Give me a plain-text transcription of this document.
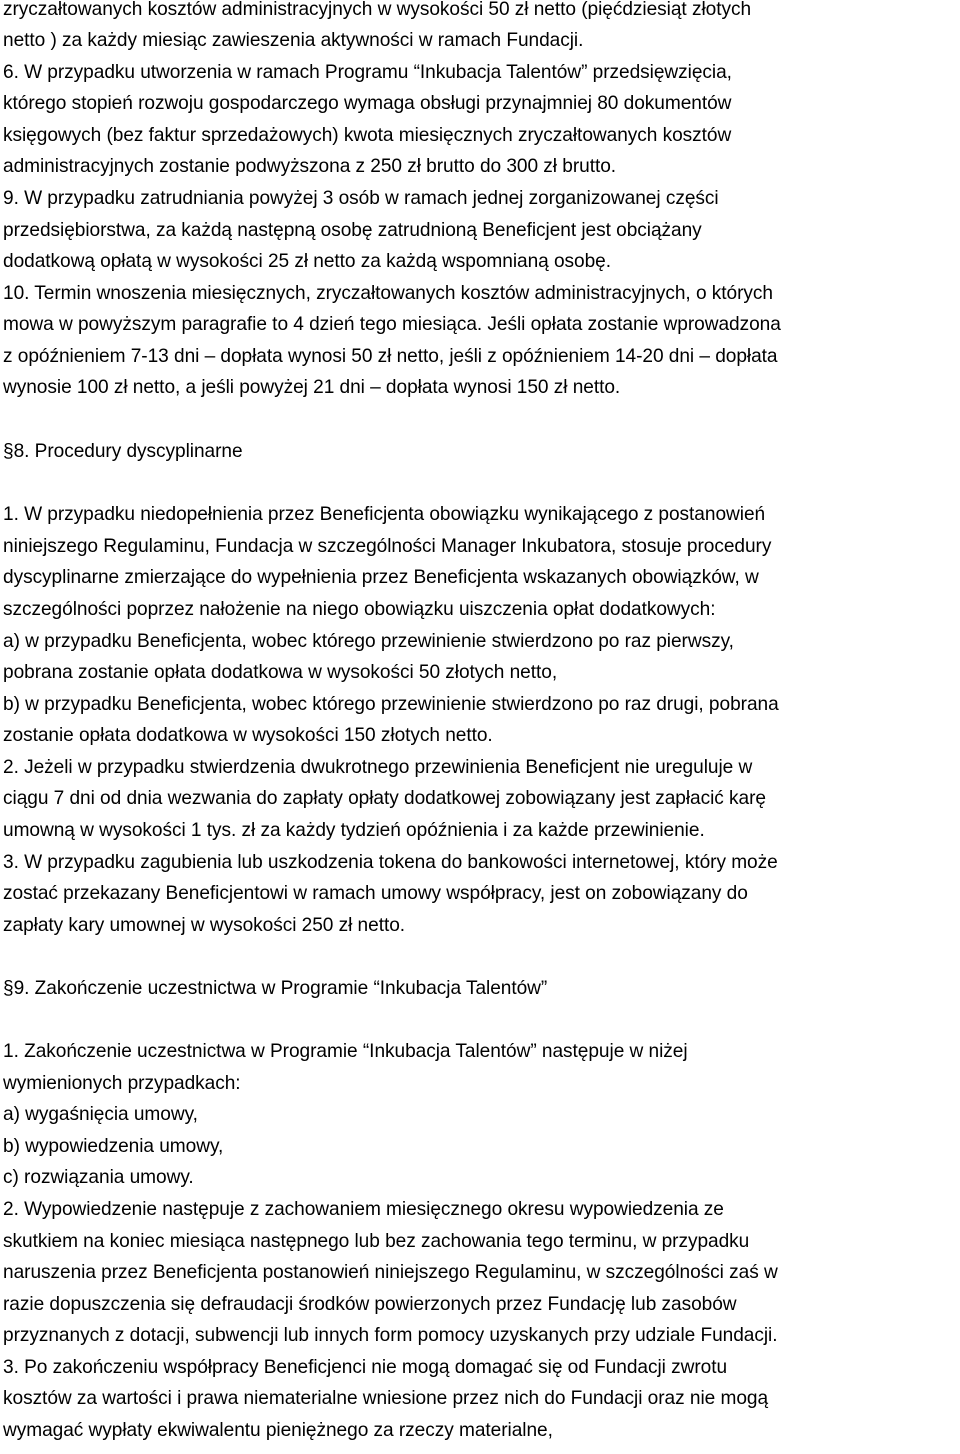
zryczałtowanych kosztów administracyjnych w wysokości 50 zł netto (pięćdziesiąt złotych
netto ) za każdy miesiąc zawieszenia aktywności w ramach Fundacji.
6. W przypadku utworzenia w ramach Programu “Inkubacja Talentów” przedsięwzięcia,
którego stopień rozwoju gospodarczego wymaga obsługi przynajmniej 80 dokumentów
księgowych (bez faktur sprzedażowych) kwota miesięcznych zryczałtowanych kosztów
administracyjnych zostanie podwyższona z 250 zł brutto do 300 zł brutto.
9. W przypadku zatrudniania powyżej 3 osób w ramach jednej zorganizowanej części
przedsiębiorstwa, za każdą następną osobę zatrudnioną Beneficjent jest obciążany
dodatkową opłatą w wysokości 25 zł netto za każdą wspomnianą osobę.
10. Termin wnoszenia miesięcznych, zryczałtowanych kosztów administracyjnych, o których
mowa w powyższym paragrafie to 4 dzień tego miesiąca. Jeśli opłata zostanie wprowadzona
z opóźnieniem 7-13 dni – dopłata wynosi 50 zł netto, jeśli z opóźnieniem 14-20 dni – dopłata
wynosie 100 zł netto, a jeśli powyżej 21 dni – dopłata wynosi 150 zł netto.
§8. Procedury dyscyplinarne
1. W przypadku niedopełnienia przez Beneficjenta obowiązku wynikającego z postanowień
niniejszego Regulaminu, Fundacja w szczególności Manager Inkubatora, stosuje procedury
dyscyplinarne zmierzające do wypełnienia przez Beneficjenta wskazanych obowiązków, w
szczególności poprzez nałożenie na niego obowiązku uiszczenia opłat dodatkowych:
a) w przypadku Beneficjenta, wobec którego przewinienie stwierdzono po raz pierwszy,
pobrana zostanie opłata dodatkowa w wysokości 50 złotych netto,
b) w przypadku Beneficjenta, wobec którego przewinienie stwierdzono po raz drugi, pobrana
zostanie opłata dodatkowa w wysokości 150 złotych netto.
2. Jeżeli w przypadku stwierdzenia dwukrotnego przewinienia Beneficjent nie ureguluje w
ciągu 7 dni od dnia wezwania do zapłaty opłaty dodatkowej zobowiązany jest zapłacić karę
umowną w wysokości 1 tys. zł za każdy tydzień opóźnienia i za każde przewinienie.
3. W przypadku zagubienia lub uszkodzenia tokena do bankowości internetowej, który może
zostać przekazany Beneficjentowi w ramach umowy współpracy, jest on zobowiązany do
zapłaty kary umownej w wysokości 250 zł netto.
§9. Zakończenie uczestnictwa w Programie “Inkubacja Talentów”
1. Zakończenie uczestnictwa w Programie “Inkubacja Talentów” następuje w niżej
wymienionych przypadkach:
a) wygaśnięcia umowy,
b) wypowiedzenia umowy,
c) rozwiązania umowy.
2. Wypowiedzenie następuje z zachowaniem miesięcznego okresu wypowiedzenia ze
skutkiem na koniec miesiąca następnego lub bez zachowania tego terminu, w przypadku
naruszenia przez Beneficjenta postanowień niniejszego Regulaminu, w szczególności zaś w
razie dopuszczenia się defraudacji środków powierzonych przez Fundację lub zasobów
przyznanych z dotacji, subwencji lub innych form pomocy uzyskanych przy udziale Fundacji.
3. Po zakończeniu współpracy Beneficjenci nie mogą domagać się od Fundacji zwrotu
kosztów za wartości i prawa niematerialne wniesione przez nich do Fundacji oraz nie mogą
wymagać wypłaty ekwiwalentu pieniężnego za rzeczy materialne,
